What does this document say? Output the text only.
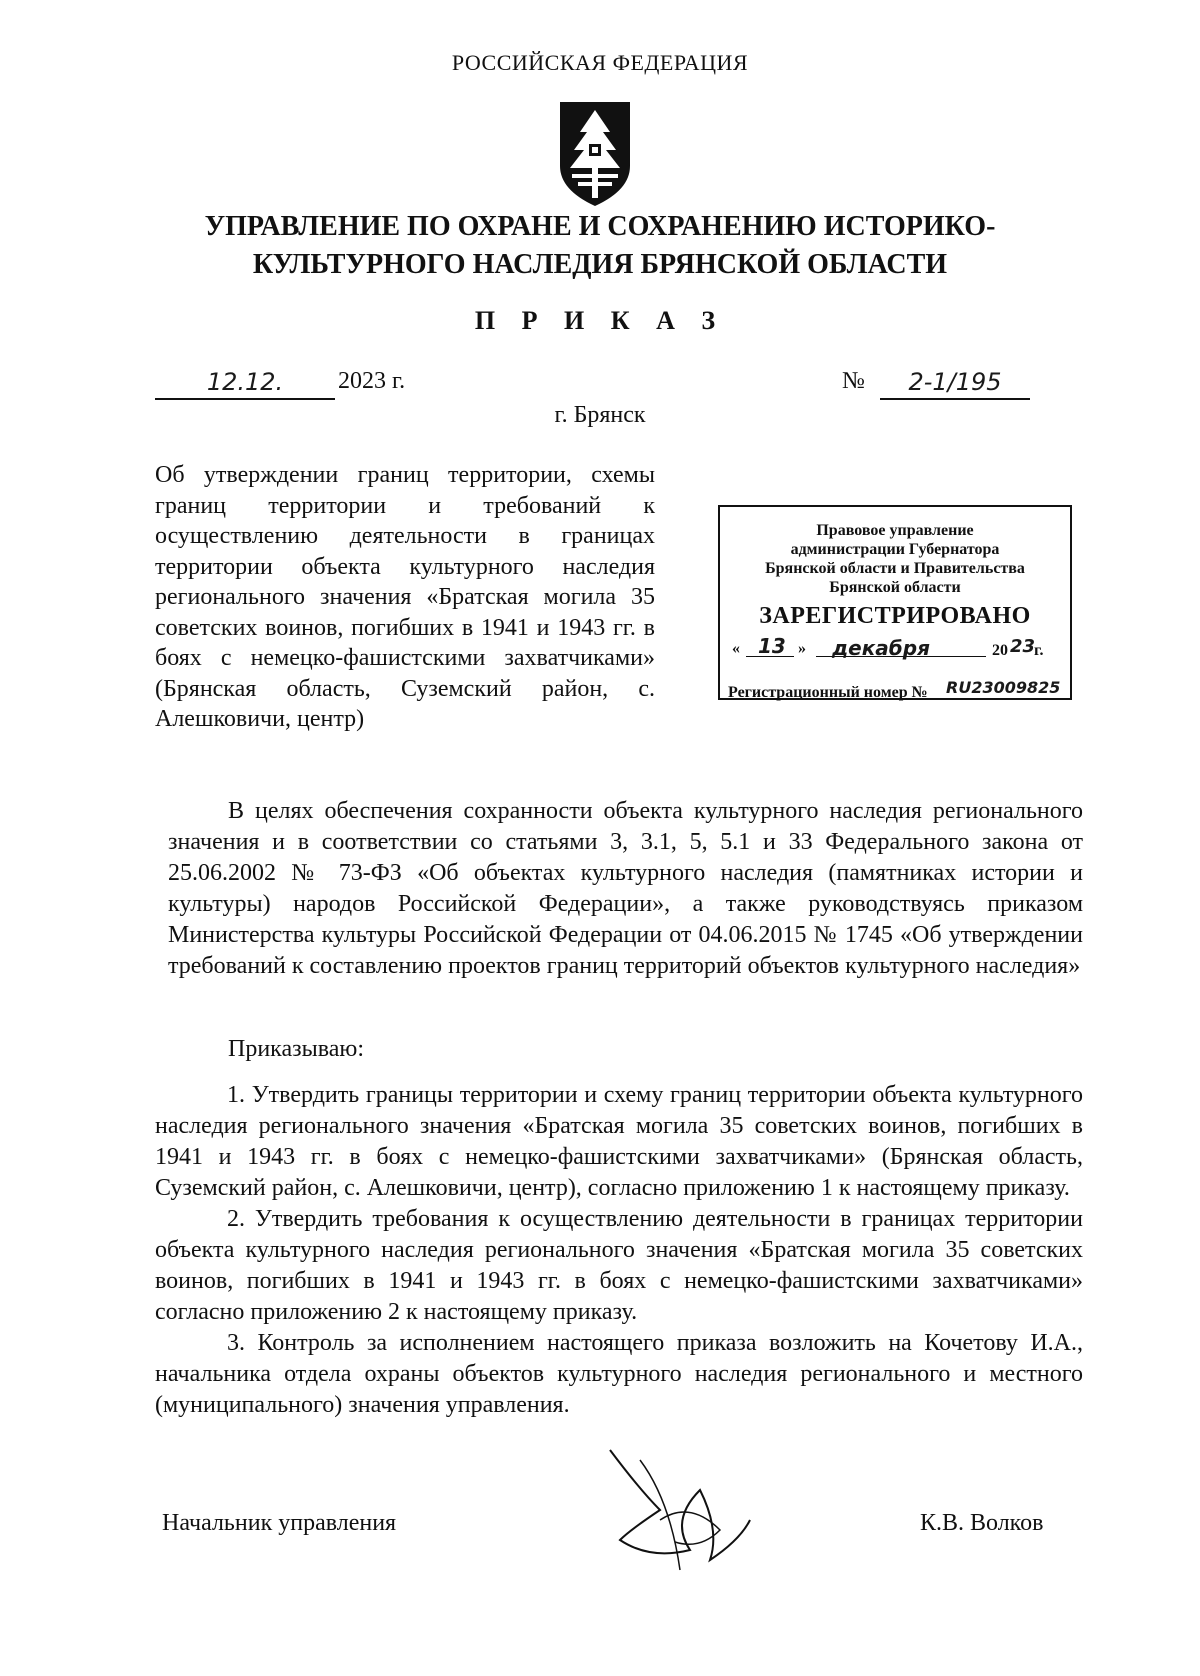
РОССИЙСКАЯ ФЕДЕРАЦИЯ
УПРАВЛЕНИЕ ПО ОХРАНЕ И СОХРАНЕНИЮ ИСТОРИКО-
КУЛЬТУРНОГО НАСЛЕДИЯ БРЯНСКОЙ ОБЛАСТИ
П Р И К А З
12.12.	2023 г.	№	2-1/195
г. Брянск
Об утверждении границ территории, схемы границ территории и требований к осуществлению деятельности в границах территории объекта культурного наследия регионального значения «Братская могила 35 советских воинов, погибших в 1941 и 1943 гг. в боях с немецко-фашистскими захватчиками» (Брянская область, Суземский район, с. Алешковичи, центр)
Правовое управление
администрации Губернатора
Брянской области и Правительства
Брянской области
ЗАРЕГИСТРИРОВАНО
« 13 » декабря	20 23
г.
Регистрационный номер № RU23009825
В целях обеспечения сохранности объекта культурного наследия регионального значения и в соответствии со статьями 3, 3.1, 5, 5.1 и 33 Федерального закона от 25.06.2002 № 73-ФЗ «Об объектах культурного наследия (памятниках истории и культуры) народов Российской Федерации», а также руководствуясь приказом Министерства культуры Российской Федерации от 04.06.2015 № 1745 «Об утверждении требований к составлению проектов границ территорий объектов культурного наследия»
Приказываю:
1. Утвердить границы территории и схему границ территории объекта культурного наследия регионального значения «Братская могила 35 советских воинов, погибших в 1941 и 1943 гг. в боях с немецко-фашистскими захватчиками» (Брянская область, Суземский район, с. Алешковичи, центр), согласно приложению 1 к настоящему приказу.
2. Утвердить требования к осуществлению деятельности в границах территории объекта культурного наследия регионального значения «Братская могила 35 советских воинов, погибших в 1941 и 1943 гг. в боях с немецко-фашистскими захватчиками» согласно приложению 2 к настоящему приказу.
3. Контроль за исполнением настоящего приказа возложить на Кочетову И.А., начальника отдела охраны объектов культурного наследия регионального и местного (муниципального) значения управления.
Начальник управления	К.В. Волков
